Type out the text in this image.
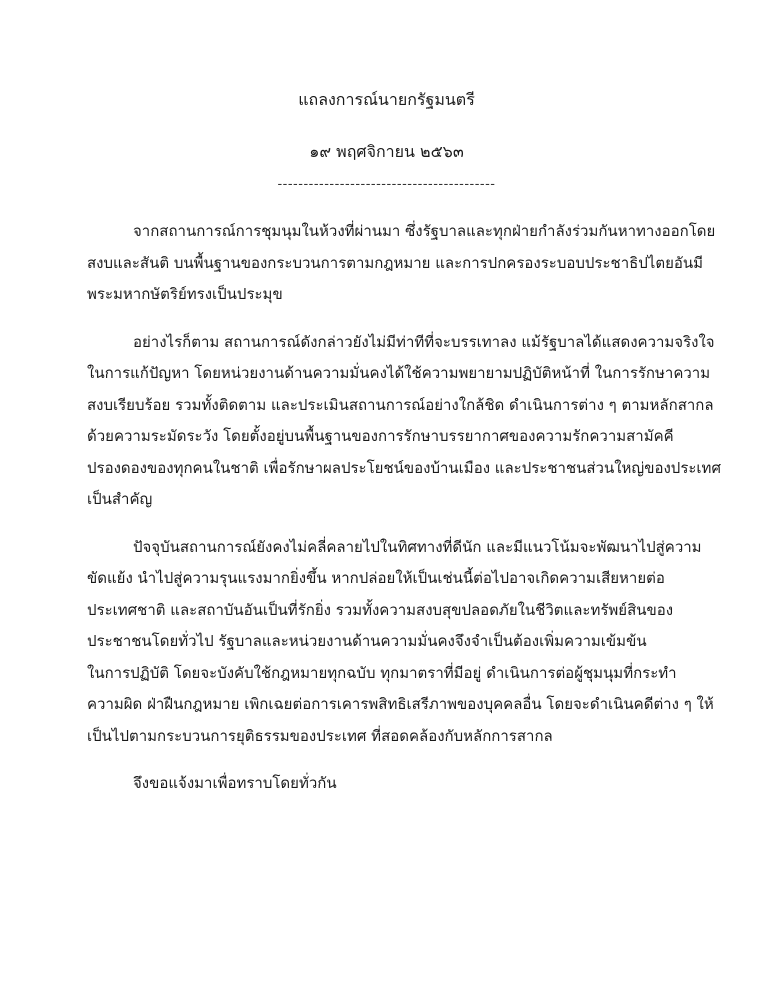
แถลงการณ์นายกรัฐมนตรี
๑๙ พฤศจิกายน ๒๕๖๓
------------------------------------------

จากสถานการณ์การชุมนุมในห้วงที่ผ่านมา ซึ่งรัฐบาลและทุกฝ่ายกำลังร่วมกันหาทางออกโดย
สงบและสันติ บนพื้นฐานของกระบวนการตามกฎหมาย และการปกครองระบอบประชาธิปไตยอันมี
พระมหากษัตริย์ทรงเป็นประมุข

อย่างไรก็ตาม สถานการณ์ดังกล่าวยังไม่มีท่าทีที่จะบรรเทาลง แม้รัฐบาลได้แสดงความจริงใจ
ในการแก้ปัญหา โดยหน่วยงานด้านความมั่นคงได้ใช้ความพยายามปฏิบัติหน้าที่ ในการรักษาความ
สงบเรียบร้อย รวมทั้งติดตาม และประเมินสถานการณ์อย่างใกล้ชิด ดำเนินการต่าง ๆ ตามหลักสากล
ด้วยความระมัดระวัง โดยตั้งอยู่บนพื้นฐานของการรักษาบรรยากาศของความรักความสามัคคี
ปรองดองของทุกคนในชาติ เพื่อรักษาผลประโยชน์ของบ้านเมือง และประชาชนส่วนใหญ่ของประเทศ
เป็นสำคัญ

ปัจจุบันสถานการณ์ยังคงไม่คลี่คลายไปในทิศทางที่ดีนัก และมีแนวโน้มจะพัฒนาไปสู่ความ
ขัดแย้ง นำไปสู่ความรุนแรงมากยิ่งขึ้น หากปล่อยให้เป็นเช่นนี้ต่อไปอาจเกิดความเสียหายต่อ
ประเทศชาติ และสถาบันอันเป็นที่รักยิ่ง รวมทั้งความสงบสุขปลอดภัยในชีวิตและทรัพย์สินของ
ประชาชนโดยทั่วไป รัฐบาลและหน่วยงานด้านความมั่นคงจึงจำเป็นต้องเพิ่มความเข้มข้น
ในการปฏิบัติ โดยจะบังคับใช้กฎหมายทุกฉบับ ทุกมาตราที่มีอยู่ ดำเนินการต่อผู้ชุมนุมที่กระทำ
ความผิด ฝ่าฝืนกฎหมาย เพิกเฉยต่อการเคารพสิทธิเสรีภาพของบุคคลอื่น โดยจะดำเนินคดีต่าง ๆ ให้
เป็นไปตามกระบวนการยุติธรรมของประเทศ ที่สอดคล้องกับหลักการสากล

จึงขอแจ้งมาเพื่อทราบโดยทั่วกัน
